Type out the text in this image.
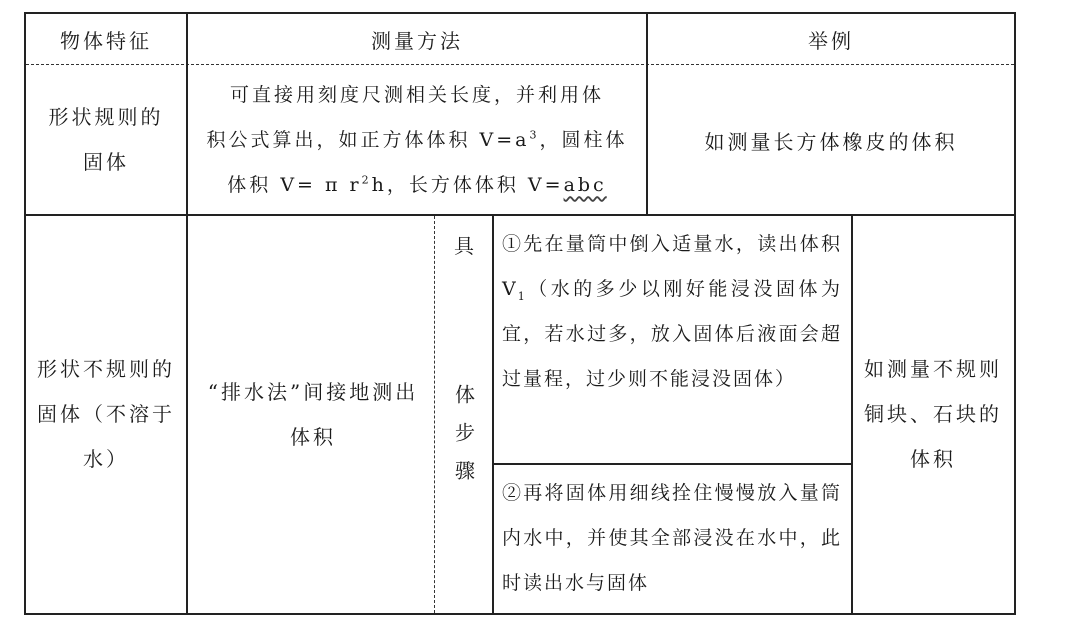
物体特征	测量方法	举例
形状规则的固体
可直接用刻度尺测相关长度，并利用体
积公式算出，如正方体体积 $V=a^3$，圆柱体
体积 V= π $r^2h$，长方体体积 V=abc
如测量长方体橡皮的体积
形状不规则的固体（不溶于水）
“排水法”间接地测出体积
具
体步骤
①先在量筒中倒入适量水，读出体积 $V_1$（水的多少以刚好能浸没固体为宜，若水过多，放入固体后液面会超过量程，过少则不能浸没固体）
②再将固体用细线拴住慢慢放入量筒内水中，并使其全部浸没在水中，此时读出水与固体
如测量不规则铜块、石块的体积
